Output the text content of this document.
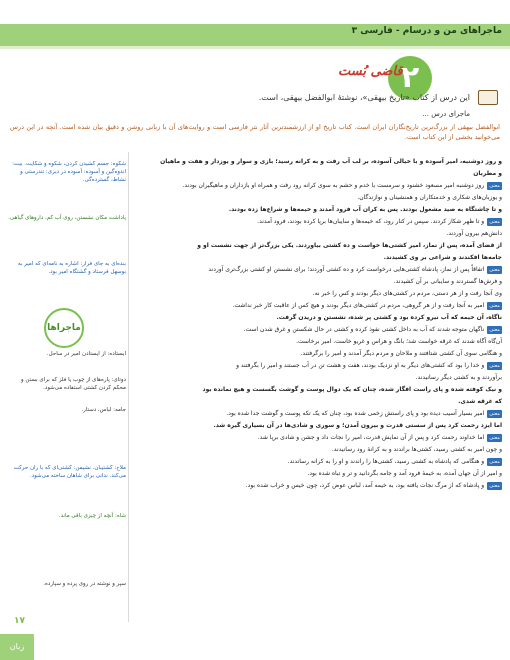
ماجراهای من و درسام - فارسی ۳
۲
قاضی بُست
این درس از کتاب «تاریخ بیهقی»، نوشتهٔ ابوالفضل بیهقی، است.
ماجرای درس ...
ابوالفضل بیهقی از بزرگ‌ترین تاریخ‌نگاران ایران است. کتاب تاریخ او از ارزشمندترین آثار نثر فارسی است و روایت‌های آن با زبانی روشن و دقیق بیان شده است. آنچه در این درس می‌خوانید بخشی از این کتاب است.
شکوه: جسم کشیدن کردن، شکوه و شکایت. بیت: اندوه‌گین و آسوده: آسوده در دیزی: تندرستی و نشاط، گسترده‌گی.
پاداشت مکان نشستن، روی آب کم، داروهای گیاهی.
بنده‌ای به جای فرار: اشاره به نامه‌ای که امیر به بوسهل فرستاد و گشتگاه امیر بود.
ماجراها
ایستاده: از ایستادن امیر در ساحل.
دوتای: پاره‌های از چوب یا فلز که برای بستن و محکم کردن کشتی استفاده می‌شود.
جامه: لباس، دستار.
ملاح: کشتیبان. نشیمن: کشتی‌ای که با ران حرکت می‌کند. ندانی برای شاهان ساخته می‌شود.
شاه: آنچه از چیزی باقی ماند.
سپر و نوشته در روی پرده و سپارده.
و روز دوشنبه، امیر آسوده و با خیالی آسوده، بر لب آب رفت و به کرانه رسید؛ بازی و سوار و یوزدار و هفت و ماهیان
و مطربان
معنیروز دوشنبه امیر مسعود خشنود و سرمست با خدم و حشم به سوی کرانه رود رفت و همراه او بازداران و ماهیگیران بودند.
و یوزبان‌های شکاری و خدمتکاران و همنشینان و نوازندگان.
و تا چاشتگاه به صید مشغول بودند. پس به کران آب فرود آمدند و خیمه‌ها و شراع‌ها زده بودند.
معنیو تا ظهر شکار کردند. سپس در کنار رود، که خیمه‌ها و سایبان‌ها برپا کرده بودند، فرود آمدند.
دانش‌هم بیرون آوردند.
از قضای آمده، پس از نماز، امیر کشتی‌ها خواست و ده کشتی بیاوردند. یکی بزرگ‌تر از جهت نشست او و
جامه‌ها افکندند و شراعی بر وی کشیدند.
معنیاتفاقاً پس از نماز، پادشاه کشتی‌هایی درخواست کرد و ده کشتی آوردند؛ برای نشستن او کشتی بزرگ‌تری آوردند
و فرش‌ها گستردند و سایبانی بر آن کشیدند.
وی آنجا رفت و از هر دستی، مردم در کشتی‌های دیگر بودند و کس را خبر نه.
معنیامیر به آنجا رفت و از هر گروهی، مردم در کشتی‌های دیگر بودند و هیچ کس از عاقبت کار خبر نداشت.
ناگاه، آن خیمه که آب نیرو کرده بود و کشتی پر شده، نشستن و دریدن گرفت.
معنیناگهان متوجه شدند که آب به داخل کشتی نفوذ کرده و کشتی در حال شکستن و غرق شدن است.
آن‌گاه آگاه شدند که غرقه خواست شد؛ بانگ و هراس و غریو خاست. امیر برخاست.
و هنگامی سوی آن کشتی شتافتند و ملاحان و مردم دیگر آمدند و امیر را برگرفتند.
معنیو خدا را بود که کشتی‌های دیگر به او نزدیک بودند، هفت و هشت تن در آب جستند و امیر را بگرفتند و
برآوردند و به کشتی دیگر رسانیدند.
و نیک کوفته شده و پای راست افگار شده، چنان که یک دوال پوست و گوشت بگسست و هیچ نمانده بود
که غرقه شدی.
معنیامیر بسیار آسیب دیده بود و پای راستش زخمی شده بود، چنان که یک تکه پوست و گوشت جدا شده بود.
اما ایزد رحمت کرد پس از سستی قدرت و بیرون آمدن؛ و سوری و شادی‌ها در آن بسیاری گیره شد.
معنیاما خداوند رحمت کرد و پس از آن نمایش قدرت، امیر را نجات داد و جشن و شادی برپا شد.
و چون امیر به کشتی رسید، کشتی‌ها براندند و به کرانهٔ رود رسانیدند.
معنیو هنگامی که پادشاه به کشتی رسید، کشتی‌ها را راندند و او را به کرانه رساندند.
و امیر از آن جهان آمده، به خیمهٔ فرود آمد و جامه بگردانید و تر و تباه شده بود.
معنیو پادشاه که از مرگ نجات یافته بود، به خیمه آمد، لباس عوض کرد، چون خیس و خراب شده بود.
۱۷
زبان
